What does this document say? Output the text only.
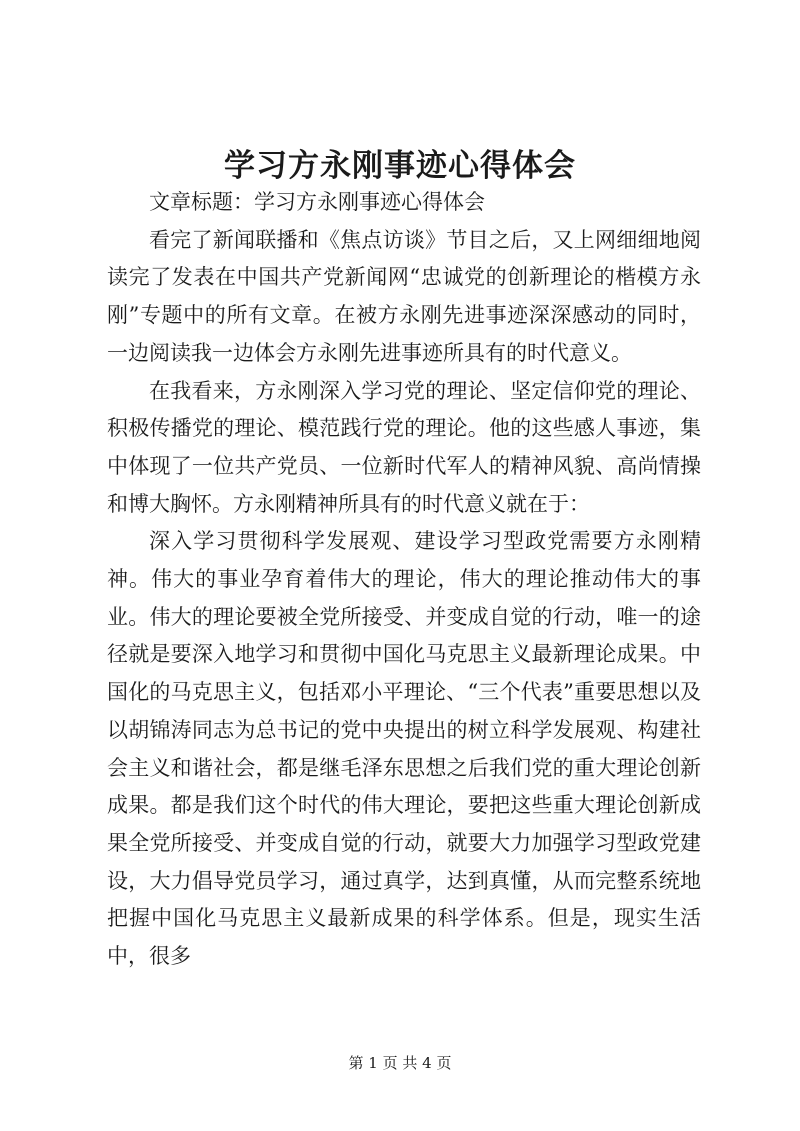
学习方永刚事迹心得体会

文章标题：学习方永刚事迹心得体会

看完了新闻联播和《焦点访谈》节目之后，又上网细细地阅读完了发表在中国共产党新闻网“忠诚党的创新理论的楷模方永刚”专题中的所有文章。在被方永刚先进事迹深深感动的同时，一边阅读我一边体会方永刚先进事迹所具有的时代意义。

在我看来，方永刚深入学习党的理论、坚定信仰党的理论、积极传播党的理论、模范践行党的理论。他的这些感人事迹，集中体现了一位共产党员、一位新时代军人的精神风貌、高尚情操和博大胸怀。方永刚精神所具有的时代意义就在于：

深入学习贯彻科学发展观、建设学习型政党需要方永刚精神。伟大的事业孕育着伟大的理论，伟大的理论推动伟大的事业。伟大的理论要被全党所接受、并变成自觉的行动，唯一的途径就是要深入地学习和贯彻中国化马克思主义最新理论成果。中国化的马克思主义，包括邓小平理论、“三个代表”重要思想以及以胡锦涛同志为总书记的党中央提出的树立科学发展观、构建社会主义和谐社会，都是继毛泽东思想之后我们党的重大理论创新成果。都是我们这个时代的伟大理论，要把这些重大理论创新成果全党所接受、并变成自觉的行动，就要大力加强学习型政党建设，大力倡导党员学习，通过真学，达到真懂，从而完整系统地把握中国化马克思主义最新成果的科学体系。但是，现实生活中，很多

第 1 页 共 4 页
